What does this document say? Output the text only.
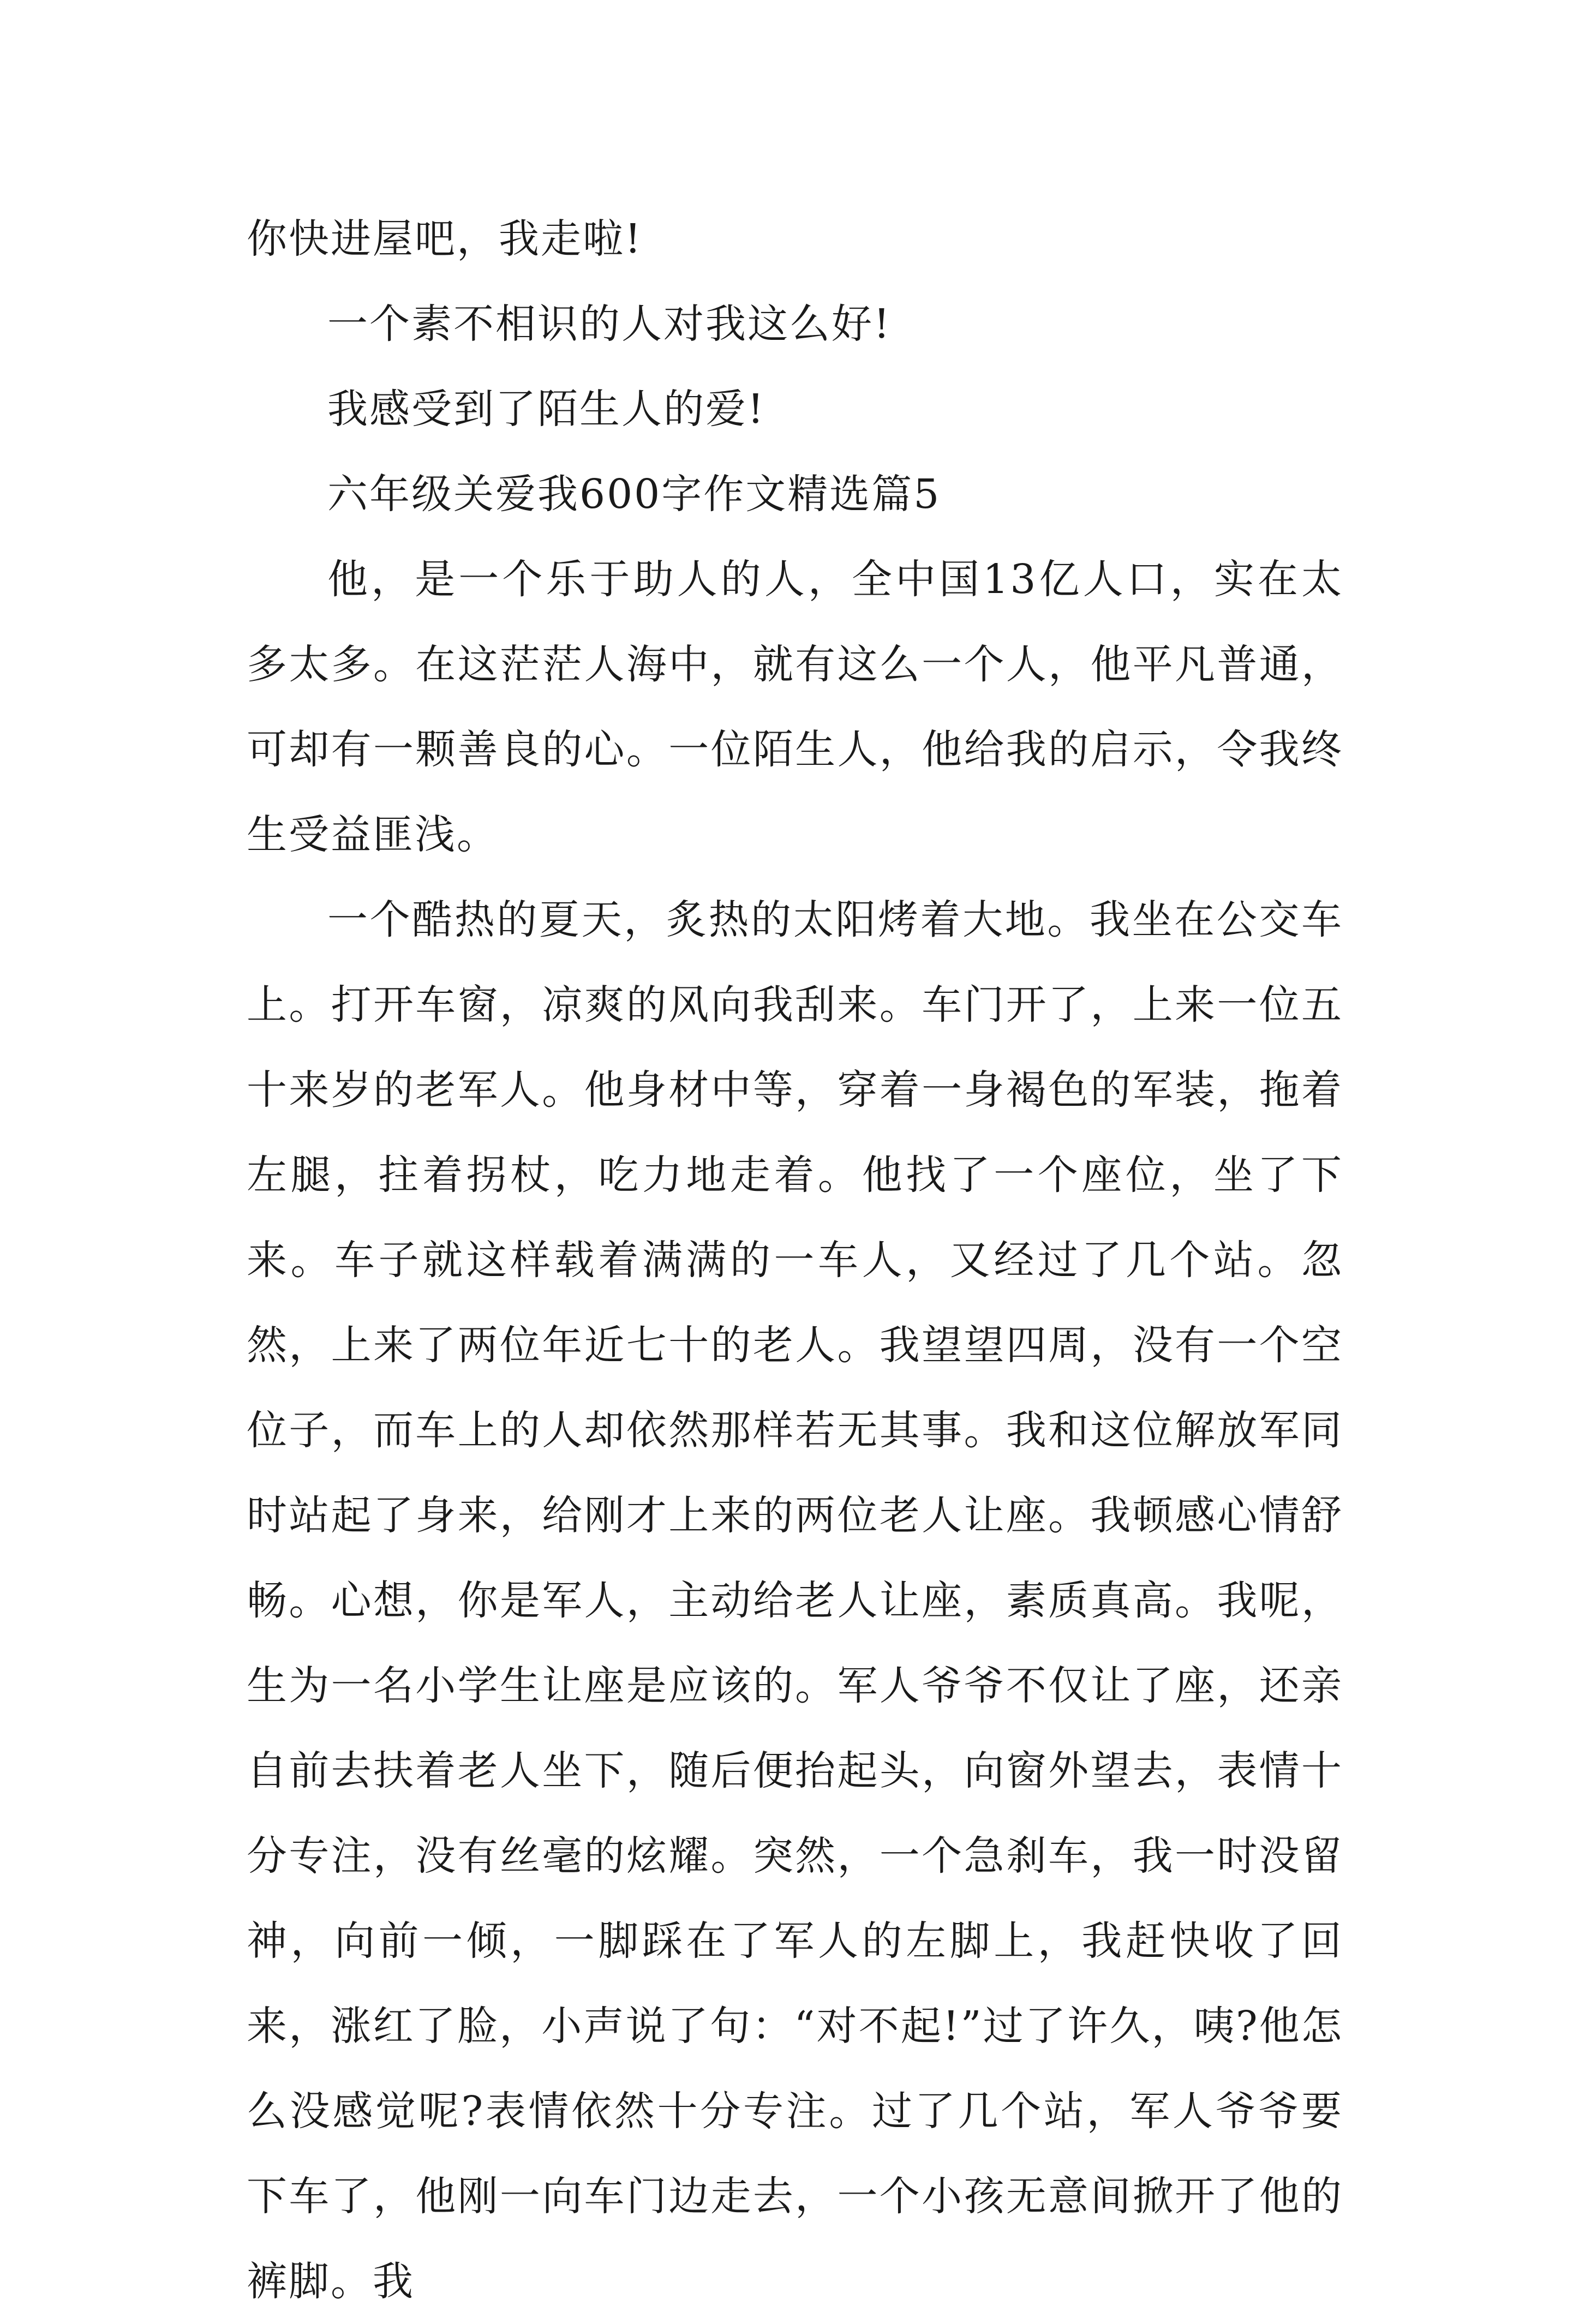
你快进屋吧，我走啦!

一个素不相识的人对我这么好!

我感受到了陌生人的爱!

六年级关爱我600字作文精选篇5

他，是一个乐于助人的人，全中国13亿人口，实在太多太多。在这茫茫人海中，就有这么一个人，他平凡普通，可却有一颗善良的心。一位陌生人，他给我的启示，令我终生受益匪浅。

一个酷热的夏天，炙热的太阳烤着大地。我坐在公交车上。打开车窗，凉爽的风向我刮来。车门开了，上来一位五十来岁的老军人。他身材中等，穿着一身褐色的军装，拖着左腿，拄着拐杖，吃力地走着。他找了一个座位，坐了下来。车子就这样载着满满的一车人，又经过了几个站。忽然，上来了两位年近七十的老人。我望望四周，没有一个空位子，而车上的人却依然那样若无其事。我和这位解放军同时站起了身来，给刚才上来的两位老人让座。我顿感心情舒畅。心想，你是军人，主动给老人让座，素质真高。我呢，生为一名小学生让座是应该的。军人爷爷不仅让了座，还亲自前去扶着老人坐下，随后便抬起头，向窗外望去，表情十分专注，没有丝毫的炫耀。突然，一个急刹车，我一时没留神，向前一倾，一脚踩在了军人的左脚上，我赶快收了回来，涨红了脸，小声说了句：“对不起!”过了许久，咦?他怎么没感觉呢?表情依然十分专注。过了几个站，军人爷爷要下车了，他刚一向车门边走去，一个小孩无意间掀开了他的裤脚。我
